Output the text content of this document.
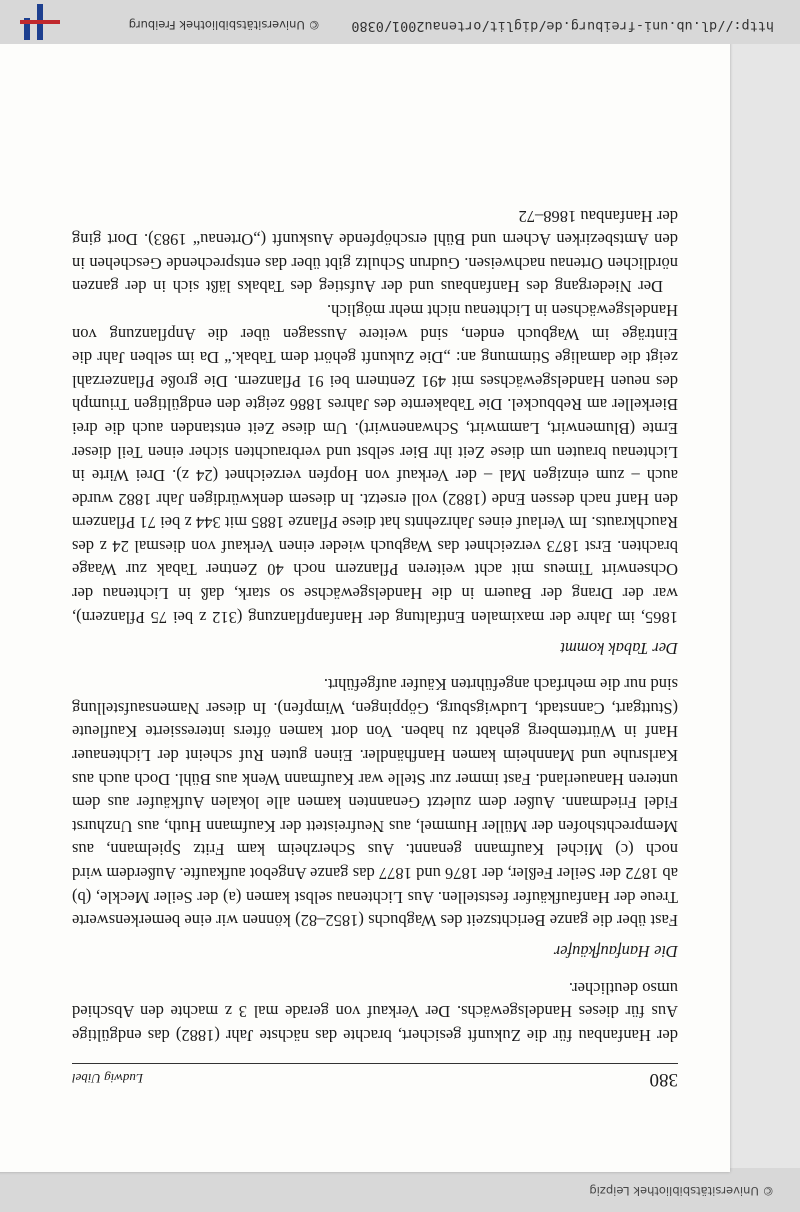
© Universitätsbibliothek Leipzig
380
Ludwig Uibel

der Hanfanbau für die Zukunft gesichert, brachte das nächste Jahr (1882) das endgültige Aus für dieses Handelsgewächs. Der Verkauf von gerade mal 3 z machte den Abschied umso deutlicher.

Die Hanfaufkäufer

Fast über die ganze Berichtszeit des Wagbuchs (1852–82) können wir eine bemerkenswerte Treue der Hanfaufkäufer feststellen. Aus Lichtenau selbst kamen (a) der Seiler Meckle, (b) ab 1872 der Seiler Feßler, der 1876 und 1877 das ganze Angebot aufkaufte. Außerdem wird noch (c) Michel Kaufmann genannt. Aus Scherzheim kam Fritz Spielmann, aus Memprechtshofen der Müller Hummel, aus Neufreistett der Kaufmann Huth, aus Unzhurst Fidel Friedmann. Außer dem zuletzt Genannten kamen alle lokalen Aufkäufer aus dem unteren Hanauerland. Fast immer zur Stelle war Kaufmann Wenk aus Bühl. Doch auch aus Karlsruhe und Mannheim kamen Hanfhändler. Einen guten Ruf scheint der Lichtenauer Hanf in Württemberg gehabt zu haben. Von dort kamen öfters interessierte Kaufleute (Stuttgart, Cannstadt, Ludwigsburg, Göppingen, Wimpfen). In dieser Namensaufstellung sind nur die mehrfach angeführten Käufer aufgeführt.

Der Tabak kommt

1865, im Jahre der maximalen Entfaltung der Hanfanpflanzung (312 z bei 75 Pflanzern), war der Drang der Bauern in die Handelsgewächse so stark, daß in Lichtenau der Ochsenwirt Timeus mit acht weiteren Pflanzern noch 40 Zentner Tabak zur Waage brachten. Erst 1873 verzeichnet das Wagbuch wieder einen Verkauf von diesmal 24 z des Rauchkrauts. Im Verlauf eines Jahrzehnts hat diese Pflanze 1885 mit 344 z bei 71 Pflanzern den Hanf nach dessen Ende (1882) voll ersetzt. In diesem denkwürdigen Jahr 1882 wurde auch – zum einzigen Mal – der Verkauf von Hopfen verzeichnet (24 z). Drei Wirte in Lichtenau brauten um diese Zeit ihr Bier selbst und verbrauchten sicher einen Teil dieser Ernte (Blumenwirt, Lammwirt, Schwanenwirt). Um diese Zeit entstanden auch die drei Bierkeller am Rebbuckel. Die Tabakernte des Jahres 1886 zeigte den endgültigen Triumph des neuen Handelsgewächses mit 491 Zentnern bei 91 Pflanzern. Die große Pflanzerzahl zeigt die damalige Stimmung an: „Die Zukunft gehört dem Tabak.“ Da im selben Jahr die Einträge im Wagbuch enden, sind weitere Aussagen über die Anpflanzung von Handelsgewächsen in Lichtenau nicht mehr möglich.

Der Niedergang des Hanfanbaus und der Aufstieg des Tabaks läßt sich in der ganzen nördlichen Ortenau nachweisen. Gudrun Schultz gibt über das entsprechende Geschehen in den Amtsbezirken Achern und Bühl erschöpfende Auskunft („Ortenau“ 1983). Dort ging der Hanfanbau 1868–72

http://dl.ub.uni-freiburg.de/diglit/ortenau2001/0380
© Universitätsbibliothek Freiburg
